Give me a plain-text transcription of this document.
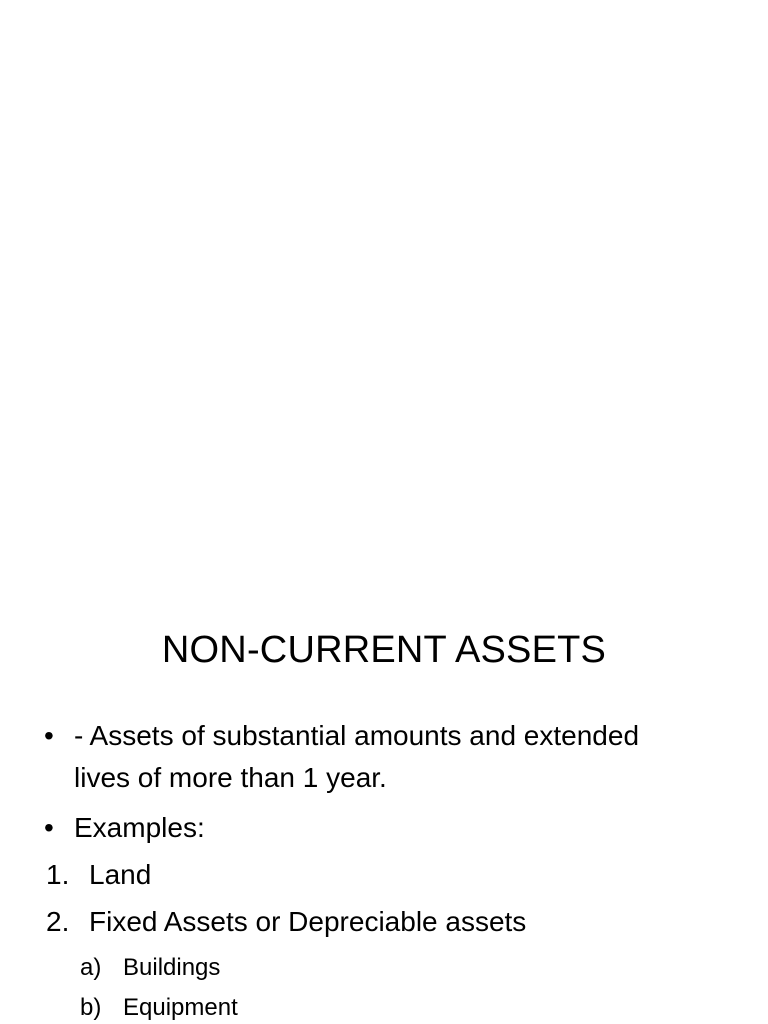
NON-CURRENT ASSETS
• - Assets of substantial amounts and extended
lives of more than 1 year.
• Examples:
1. Land
2. Fixed Assets or Depreciable assets
a) Buildings
b) Equipment
